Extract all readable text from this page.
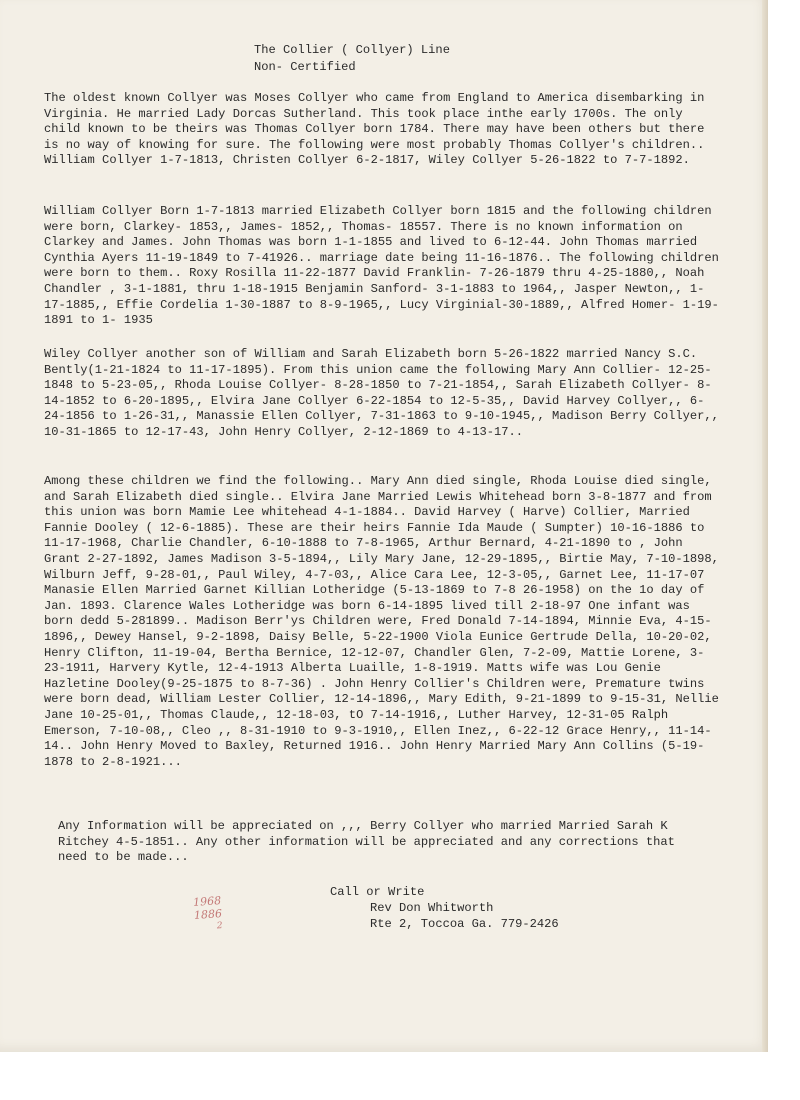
The Collier ( Collyer) Line
Non- Certified
The oldest known Collyer was Moses Collyer who came from England to America disembarking in Virginia. He married Lady Dorcas Sutherland. This took place inthe early 1700s. The only child known to be theirs was Thomas Collyer born 1784. There may have been others but there is no way of knowing for sure. The following were most probably Thomas Collyer's children.. William Collyer 1-7-1813, Christen Collyer 6-2-1817, Wiley Collyer 5-26-1822 to 7-7-1892.
William Collyer Born 1-7-1813 married Elizabeth Collyer born 1815 and the following children were born, Clarkey- 1853,, James- 1852,, Thomas- 18557. There is no known information on Clarkey and James. John Thomas was born 1-1-1855 and lived to 6-12-44. John Thomas married Cynthia Ayers 11-19-1849 to 7-41926.. marriage date being 11-16-1876.. The following children were born to them.. Roxy Rosilla 11-22-1877 David Franklin- 7-26-1879 thru 4-25-1880,, Noah Chandler , 3-1-1881, thru 1-18-1915 Benjamin Sanford- 3-1-1883 to 1964,, Jasper Newton,, 1-17-1885,, Effie Cordelia 1-30-1887 to 8-9-1965,, Lucy Virginial-30-1889,, Alfred Homer- 1-19-1891 to 1- 1935
Wiley Collyer another son of William and Sarah Elizabeth born 5-26-1822 married Nancy S.C. Bently(1-21-1824 to 11-17-1895). From this union came the following Mary Ann Collier- 12-25-1848 to 5-23-05,, Rhoda Louise Collyer- 8-28-1850 to 7-21-1854,, Sarah Elizabeth Collyer- 8-14-1852 to 6-20-1895,, Elvira Jane Collyer 6-22-1854 to 12-5-35,, David Harvey Collyer,, 6-24-1856 to 1-26-31,, Manassie Ellen Collyer, 7-31-1863 to 9-10-1945,, Madison Berry Collyer,, 10-31-1865 to 12-17-43, John Henry Collyer, 2-12-1869 to 4-13-17..
Among these children we find the following.. Mary Ann died single, Rhoda Louise died single, and Sarah Elizabeth died single.. Elvira Jane Married Lewis Whitehead born 3-8-1877 and from this union was born Mamie Lee whitehead 4-1-1884.. David Harvey ( Harve) Collier, Married Fannie Dooley ( 12-6-1885). These are their heirs Fannie Ida Maude ( Sumpter) 10-16-1886 to 11-17-1968, Charlie Chandler, 6-10-1888 to 7-8-1965, Arthur Bernard, 4-21-1890 to , John Grant 2-27-1892, James Madison 3-5-1894,, Lily Mary Jane, 12-29-1895,, Birtie May, 7-10-1898, Wilburn Jeff, 9-28-01,, Paul Wiley, 4-7-03,, Alice Cara Lee, 12-3-05,, Garnet Lee, 11-17-07 Manasie Ellen Married Garnet Killian Lotheridge (5-13-1869 to 7-8 26-1958) on the 1o day of Jan. 1893. Clarence Wales Lotheridge was born 6-14-1895 lived till 2-18-97 One infant was born dedd 5-281899.. Madison Berr'ys Children were, Fred Donald 7-14-1894, Minnie Eva, 4-15-1896,, Dewey Hansel, 9-2-1898, Daisy Belle, 5-22-1900 Viola Eunice Gertrude Della, 10-20-02, Henry Clifton, 11-19-04, Bertha Bernice, 12-12-07, Chandler Glen, 7-2-09, Mattie Lorene, 3-23-1911, Harvery Kytle, 12-4-1913 Alberta Luaille, 1-8-1919. Matts wife was Lou Genie Hazletine Dooley(9-25-1875 to 8-7-36) . John Henry Collier's Children were, Premature twins were born dead, William Lester Collier, 12-14-1896,, Mary Edith, 9-21-1899 to 9-15-31, Nellie Jane 10-25-01,, Thomas Claude,, 12-18-03, tO 7-14-1916,, Luther Harvey, 12-31-05 Ralph Emerson, 7-10-08,, Cleo ,, 8-31-1910 to 9-3-1910,, Ellen Inez,, 6-22-12 Grace Henry,, 11-14-14.. John Henry Moved to Baxley, Returned 1916.. John Henry Married Mary Ann Collins (5-19-1878 to 2-8-1921...
Any Information will be appreciated on ,,, Berry Collyer who married Married Sarah K Ritchey 4-5-1851.. Any other information will be appreciated and any corrections that need to be made...
Call or Write
Rev Don Whitworth
Rte 2, Toccoa Ga. 779-2426
1968
1886
2
